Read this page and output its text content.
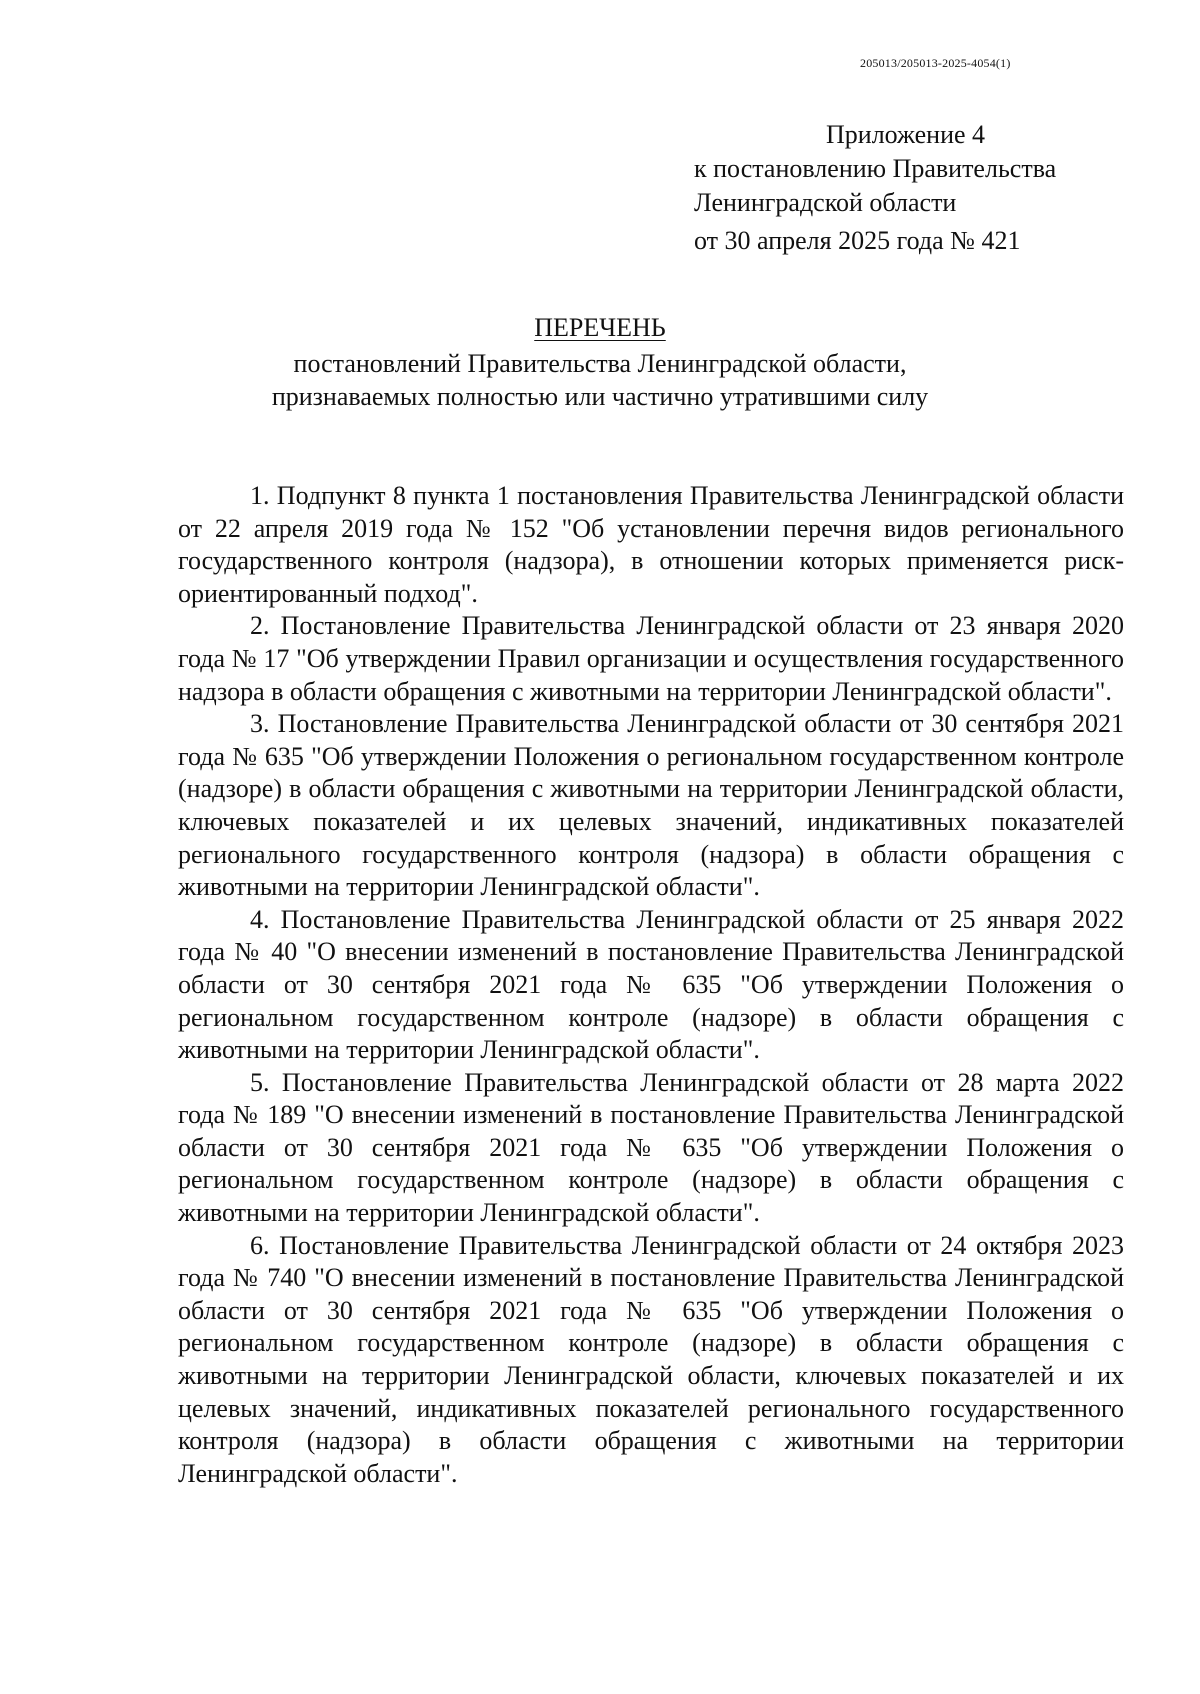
205013/205013-2025-4054(1)
Приложение 4
к постановлению Правительства
Ленинградской области
от 30 апреля 2025 года № 421
ПЕРЕЧЕНЬ
постановлений Правительства Ленинградской области,
признаваемых полностью или частично утратившими силу

1. Подпункт 8 пункта 1 постановления Правительства Ленинградской области от 22 апреля 2019 года № 152 "Об установлении перечня видов регионального государственного контроля (надзора), в отношении которых применяется риск-ориентированный подход".

2. Постановление Правительства Ленинградской области от 23 января 2020 года № 17 "Об утверждении Правил организации и осуществления государственного надзора в области обращения с животными на территории Ленинградской области".

3. Постановление Правительства Ленинградской области от 30 сентября 2021 года № 635 "Об утверждении Положения о региональном государственном контроле (надзоре) в области обращения с животными на территории Ленинградской области, ключевых показателей и их целевых значений, индикативных показателей регионального государственного контроля (надзора) в области обращения с животными на территории Ленинградской области".

4. Постановление Правительства Ленинградской области от 25 января 2022 года № 40 "О внесении изменений в постановление Правительства Ленинградской области от 30 сентября 2021 года № 635 "Об утверждении Положения о региональном государственном контроле (надзоре) в области обращения с животными на территории Ленинградской области".

5. Постановление Правительства Ленинградской области от 28 марта 2022 года № 189 "О внесении изменений в постановление Правительства Ленинградской области от 30 сентября 2021 года № 635 "Об утверждении Положения о региональном государственном контроле (надзоре) в области обращения с животными на территории Ленинградской области".

6. Постановление Правительства Ленинградской области от 24 октября 2023 года № 740 "О внесении изменений в постановление Правительства Ленинградской области от 30 сентября 2021 года № 635 "Об утверждении Положения о региональном государственном контроле (надзоре) в области обращения с животными на территории Ленинградской области, ключевых показателей и их целевых значений, индикативных показателей регионального государственного контроля (надзора) в области обращения с животными на территории Ленинградской области".
